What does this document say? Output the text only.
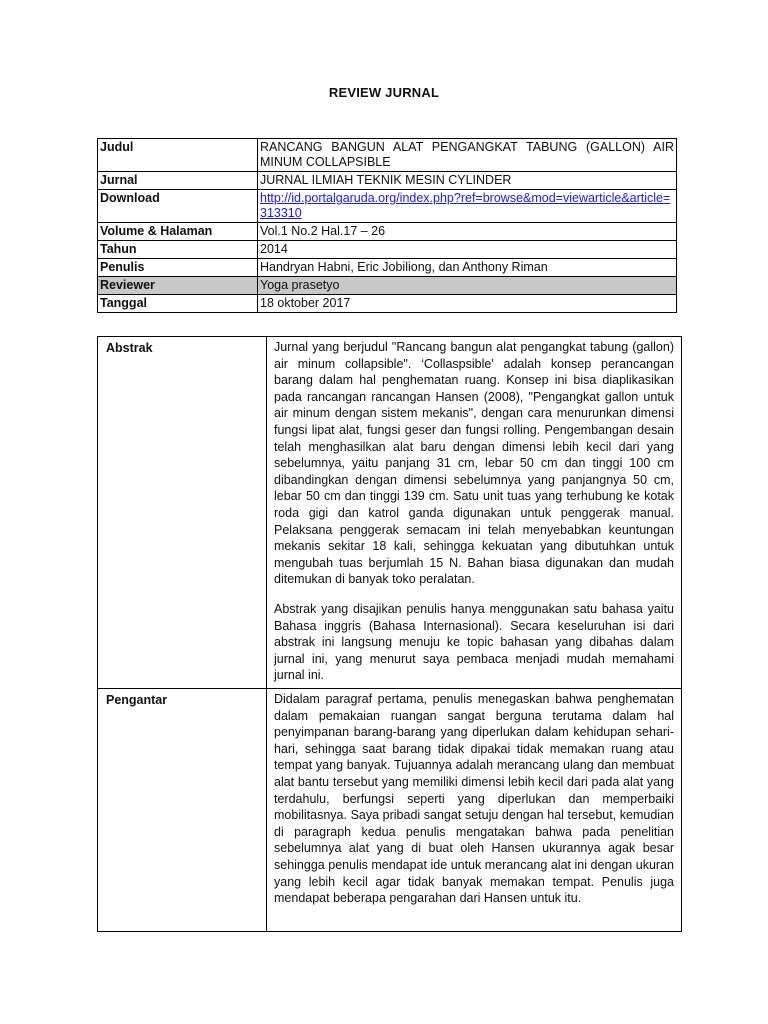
REVIEW JURNAL
Judul	RANCANG BANGUN ALAT PENGANGKAT TABUNG (GALLON) AIR MINUM COLLAPSIBLE
Jurnal	JURNAL ILMIAH TEKNIK MESIN CYLINDER
Download	http://id.portalgaruda.org/index.php?ref=browse&mod=viewarticle&article=313310
Volume & Halaman	Vol.1 No.2 Hal.17 – 26
Tahun	2014
Penulis	Handryan Habni, Eric Jobiliong, dan Anthony Riman
Reviewer	Yoga prasetyo
Tanggal	18 oktober 2017
Abstrak	Jurnal yang berjudul "Rancang bangun alat pengangkat tabung (gallon) air minum collapsible". ‘Collaspsible' adalah konsep perancangan barang dalam hal penghematan ruang. Konsep ini bisa diaplikasikan pada rancangan rancangan Hansen (2008), "Pengangkat gallon untuk air minum dengan sistem mekanis", dengan cara menurunkan dimensi fungsi lipat alat, fungsi geser dan fungsi rolling. Pengembangan desain telah menghasilkan alat baru dengan dimensi lebih kecil dari yang sebelumnya, yaitu panjang 31 cm, lebar 50 cm dan tinggi 100 cm dibandingkan dengan dimensi sebelumnya yang panjangnya 50 cm, lebar 50 cm dan tinggi 139 cm. Satu unit tuas yang terhubung ke kotak roda gigi dan katrol ganda digunakan untuk penggerak manual. Pelaksana penggerak semacam ini telah menyebabkan keuntungan mekanis sekitar 18 kali, sehingga kekuatan yang dibutuhkan untuk mengubah tuas berjumlah 15 N. Bahan biasa digunakan dan mudah ditemukan di banyak toko peralatan.

Abstrak yang disajikan penulis hanya menggunakan satu bahasa yaitu Bahasa inggris (Bahasa Internasional). Secara keseluruhan isi dari abstrak ini langsung menuju ke topic bahasan yang dibahas dalam jurnal ini, yang menurut saya pembaca menjadi mudah memahami jurnal ini.

Pengantar	Didalam paragraf pertama, penulis menegaskan bahwa penghematan dalam pemakaian ruangan sangat berguna terutama dalam hal penyimpanan barang-barang yang diperlukan dalam kehidupan sehari-hari, sehingga saat barang tidak dipakai tidak memakan ruang atau tempat yang banyak. Tujuannya adalah merancang ulang dan membuat alat bantu tersebut yang memiliki dimensi lebih kecil dari pada alat yang terdahulu, berfungsi seperti yang diperlukan dan memperbaiki mobilitasnya. Saya pribadi sangat setuju dengan hal tersebut, kemudian di paragraph kedua penulis mengatakan bahwa pada penelitian sebelumnya alat yang di buat oleh Hansen ukurannya agak besar sehingga penulis mendapat ide untuk merancang alat ini dengan ukuran yang lebih kecil agar tidak banyak memakan tempat. Penulis juga mendapat beberapa pengarahan dari Hansen untuk itu.
